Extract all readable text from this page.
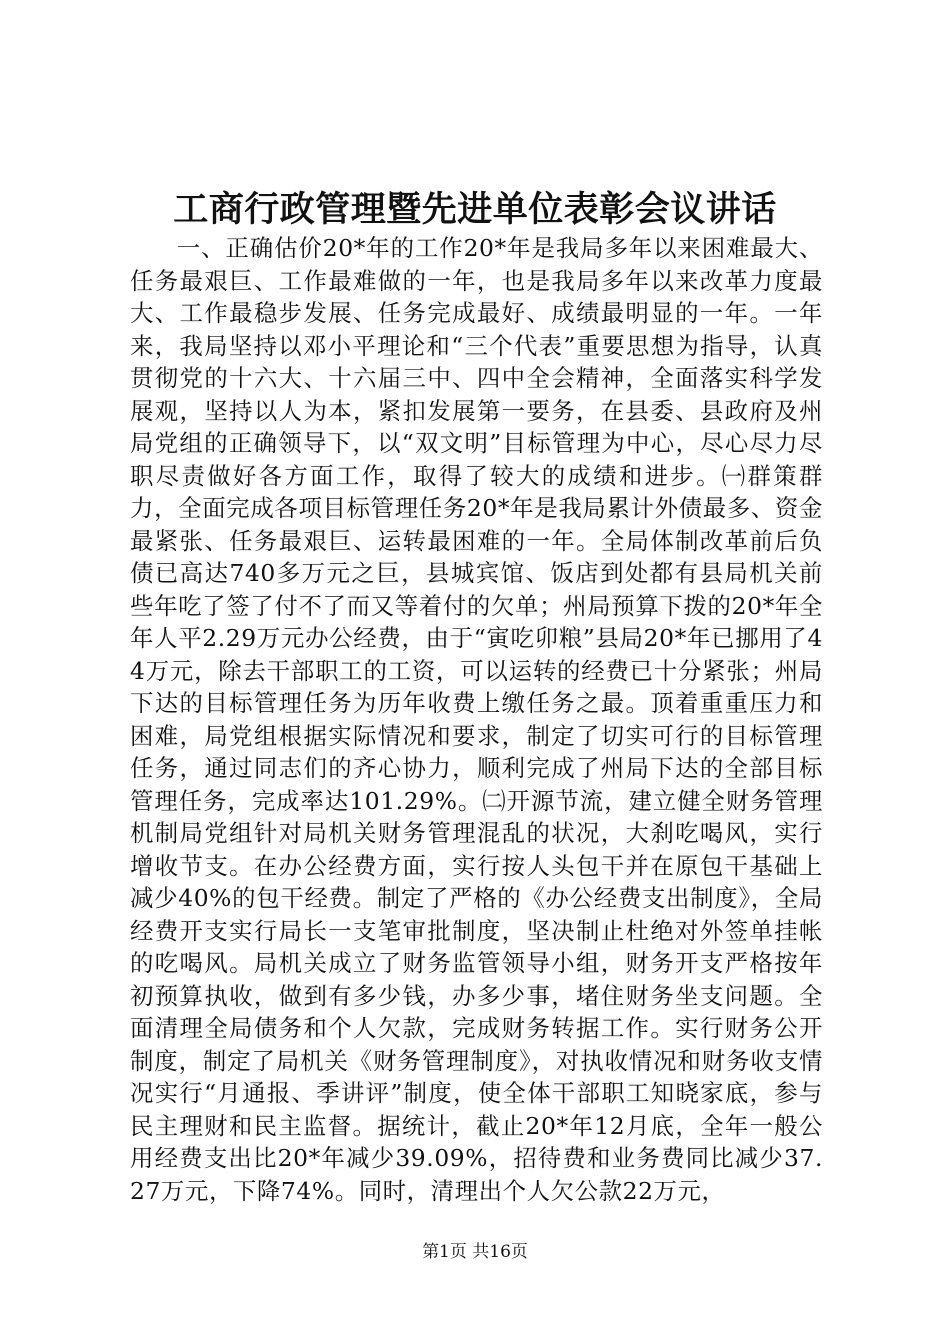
工商行政管理暨先进单位表彰会议讲话

一、正确估价20*年的工作20*年是我局多年以来困难最大、任务最艰巨、工作最难做的一年，也是我局多年以来改革力度最大、工作最稳步发展、任务完成最好、成绩最明显的一年。一年来，我局坚持以邓小平理论和“三个代表”重要思想为指导，认真贯彻党的十六大、十六届三中、四中全会精神，全面落实科学发展观，坚持以人为本，紧扣发展第一要务，在县委、县政府及州局党组的正确领导下，以“双文明”目标管理为中心，尽心尽力尽职尽责做好各方面工作，取得了较大的成绩和进步。㈠群策群力，全面完成各项目标管理任务20*年是我局累计外债最多、资金最紧张、任务最艰巨、运转最困难的一年。全局体制改革前后负债已高达740多万元之巨，县城宾馆、饭店到处都有县局机关前些年吃了签了付不了而又等着付的欠单；州局预算下拨的20*年全年人平2.29万元办公经费，由于“寅吃卯粮”县局20*年已挪用了44万元，除去干部职工的工资，可以运转的经费已十分紧张；州局下达的目标管理任务为历年收费上缴任务之最。顶着重重压力和困难，局党组根据实际情况和要求，制定了切实可行的目标管理任务，通过同志们的齐心协力，顺利完成了州局下达的全部目标管理任务，完成率达101.29%。㈡开源节流，建立健全财务管理机制局党组针对局机关财务管理混乱的状况，大刹吃喝风，实行增收节支。在办公经费方面，实行按人头包干并在原包干基础上减少40%的包干经费。制定了严格的《办公经费支出制度》，全局经费开支实行局长一支笔审批制度，坚决制止杜绝对外签单挂帐的吃喝风。局机关成立了财务监管领导小组，财务开支严格按年初预算执收，做到有多少钱，办多少事，堵住财务坐支问题。全面清理全局债务和个人欠款，完成财务转据工作。实行财务公开制度，制定了局机关《财务管理制度》，对执收情况和财务收支情况实行“月通报、季讲评”制度，使全体干部职工知晓家底，参与民主理财和民主监督。据统计，截止20*年12月底，全年一般公用经费支出比20*年减少39.09%，招待费和业务费同比减少37.27万元，下降74%。同时，清理出个人欠公款22万元，

第1页 共16页
